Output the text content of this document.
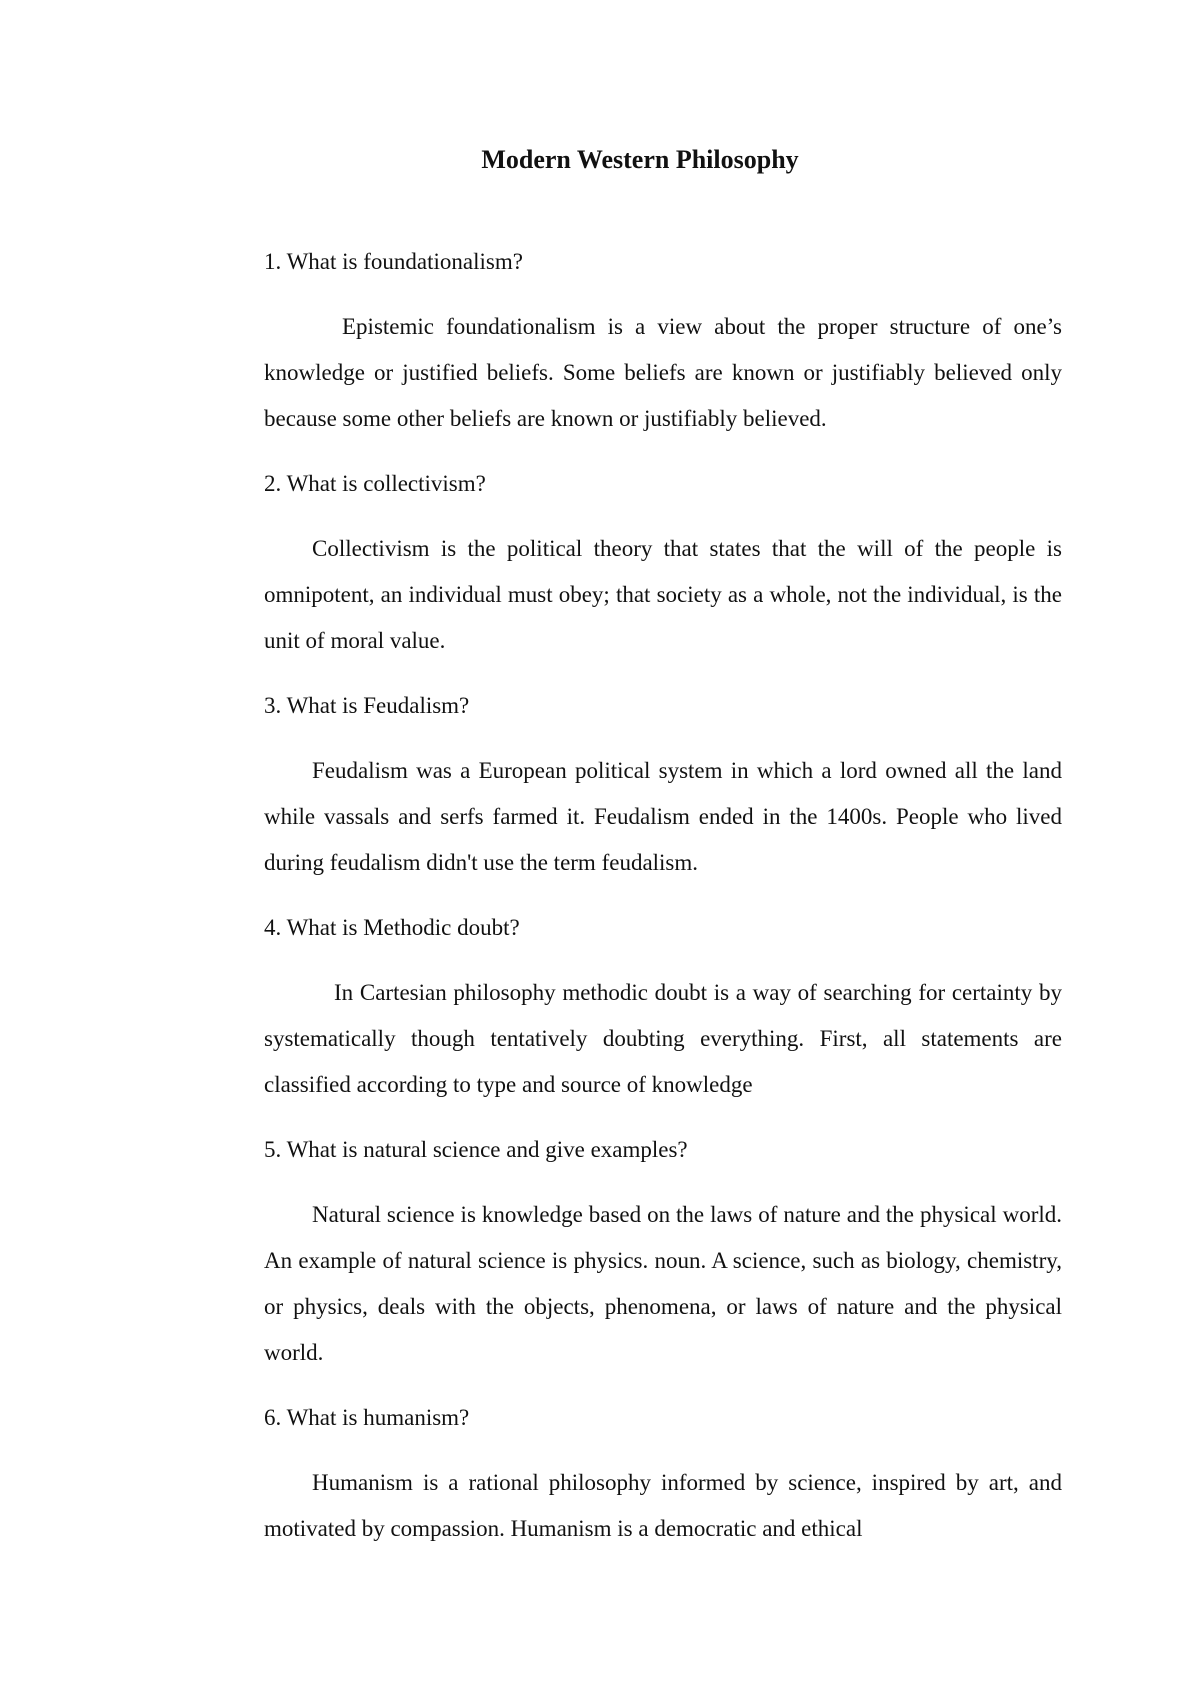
Modern Western Philosophy

1. What is foundationalism?

Epistemic foundationalism is a view about the proper structure of one’s knowledge or justified beliefs. Some beliefs are known or justifiably believed only because some other beliefs are known or justifiably believed.

2. What is collectivism?

Collectivism is the political theory that states that the will of the people is omnipotent, an individual must obey; that society as a whole, not the individual, is the unit of moral value.

3. What is Feudalism?

Feudalism was a European political system in which a lord owned all the land while vassals and serfs farmed it. Feudalism ended in the 1400s. People who lived during feudalism didn't use the term feudalism.

4. What is Methodic doubt?

In Cartesian philosophy methodic doubt is a way of searching for certainty by systematically though tentatively doubting everything. First, all statements are classified according to type and source of knowledge

5. What is natural science and give examples?

Natural science is knowledge based on the laws of nature and the physical world. An example of natural science is physics. noun. A science, such as biology, chemistry, or physics, deals with the objects, phenomena, or laws of nature and the physical world.

6. What is humanism?

Humanism is a rational philosophy informed by science, inspired by art, and motivated by compassion. Humanism is a democratic and ethical
